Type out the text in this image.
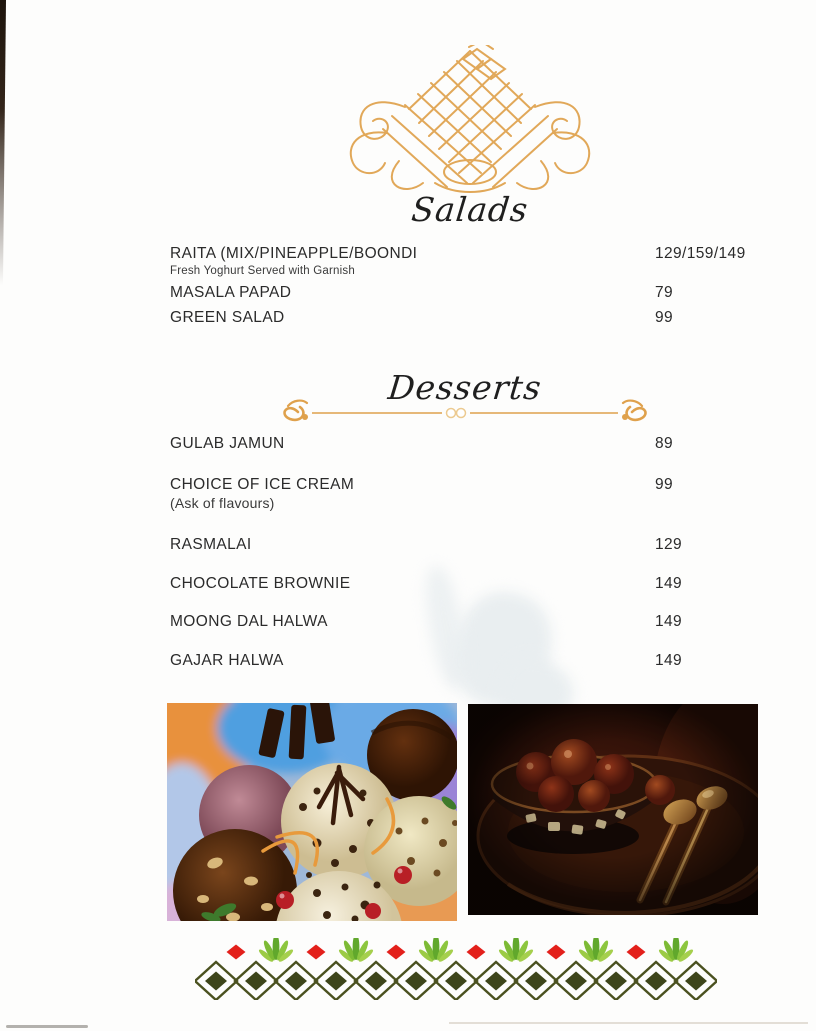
Salads
RAITA (MIX/PINEAPPLE/BOONDI	129/159/149
Fresh Yoghurt Served with Garnish
MASALA PAPAD	79
GREEN SALAD	99
Desserts
GULAB JAMUN	89
CHOICE OF ICE CREAM	99
(Ask of flavours)
RASMALAI	129
CHOCOLATE BROWNIE	149
MOONG DAL HALWA	149
GAJAR HALWA	149
